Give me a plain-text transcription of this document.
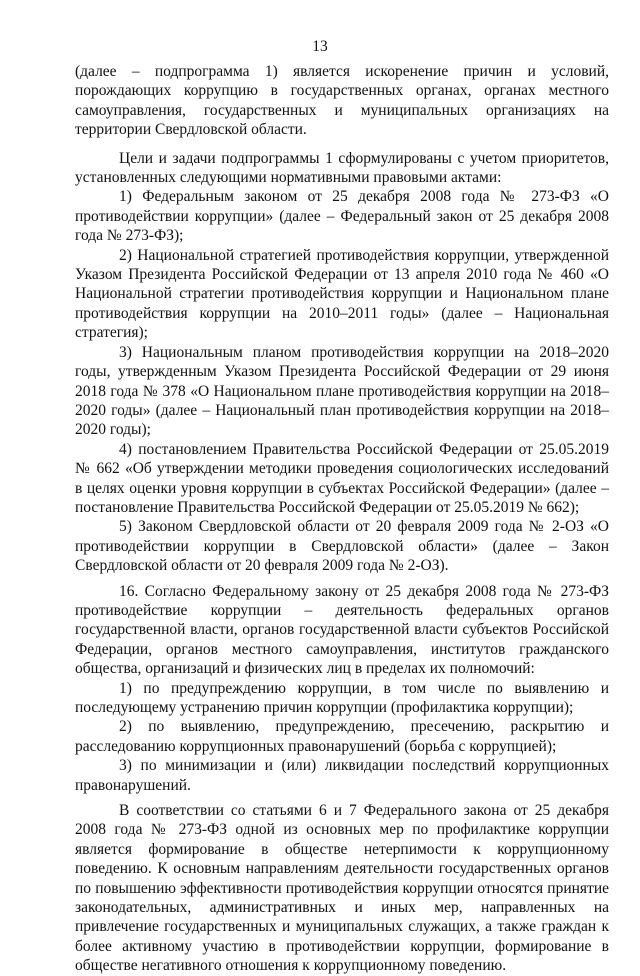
13

(далее – подпрограмма 1) является искоренение причин и условий, порождающих коррупцию в государственных органах, органах местного самоуправления, государственных и муниципальных организациях на территории Свердловской области.

Цели и задачи подпрограммы 1 сформулированы с учетом приоритетов, установленных следующими нормативными правовыми актами:

1) Федеральным законом от 25 декабря 2008 года № 273-ФЗ «О противодействии коррупции» (далее – Федеральный закон от 25 декабря 2008 года № 273-ФЗ);

2) Национальной стратегией противодействия коррупции, утвержденной Указом Президента Российской Федерации от 13 апреля 2010 года № 460 «О Национальной стратегии противодействия коррупции и Национальном плане противодействия коррупции на 2010–2011 годы» (далее – Национальная стратегия);

3) Национальным планом противодействия коррупции на 2018–2020 годы, утвержденным Указом Президента Российской Федерации от 29 июня 2018 года № 378 «О Национальном плане противодействия коррупции на 2018–2020 годы» (далее – Национальный план противодействия коррупции на 2018–2020 годы);

4) постановлением Правительства Российской Федерации от 25.05.2019 № 662 «Об утверждении методики проведения социологических исследований в целях оценки уровня коррупции в субъектах Российской Федерации» (далее – постановление Правительства Российской Федерации от 25.05.2019 № 662);

5) Законом Свердловской области от 20 февраля 2009 года № 2-ОЗ «О противодействии коррупции в Свердловской области» (далее – Закон Свердловской области от 20 февраля 2009 года № 2-ОЗ).

16. Согласно Федеральному закону от 25 декабря 2008 года № 273-ФЗ противодействие коррупции – деятельность федеральных органов государственной власти, органов государственной власти субъектов Российской Федерации, органов местного самоуправления, институтов гражданского общества, организаций и физических лиц в пределах их полномочий:

1) по предупреждению коррупции, в том числе по выявлению и последующему устранению причин коррупции (профилактика коррупции);

2) по выявлению, предупреждению, пресечению, раскрытию и расследованию коррупционных правонарушений (борьба с коррупцией);

3) по минимизации и (или) ликвидации последствий коррупционных правонарушений.

В соответствии со статьями 6 и 7 Федерального закона от 25 декабря 2008 года № 273-ФЗ одной из основных мер по профилактике коррупции является формирование в обществе нетерпимости к коррупционному поведению. К основным направлениям деятельности государственных органов по повышению эффективности противодействия коррупции относятся принятие законодательных, административных и иных мер, направленных на привлечение государственных и муниципальных служащих, а также граждан к более активному участию в противодействии коррупции, формирование в обществе негативного отношения к коррупционному поведению.
